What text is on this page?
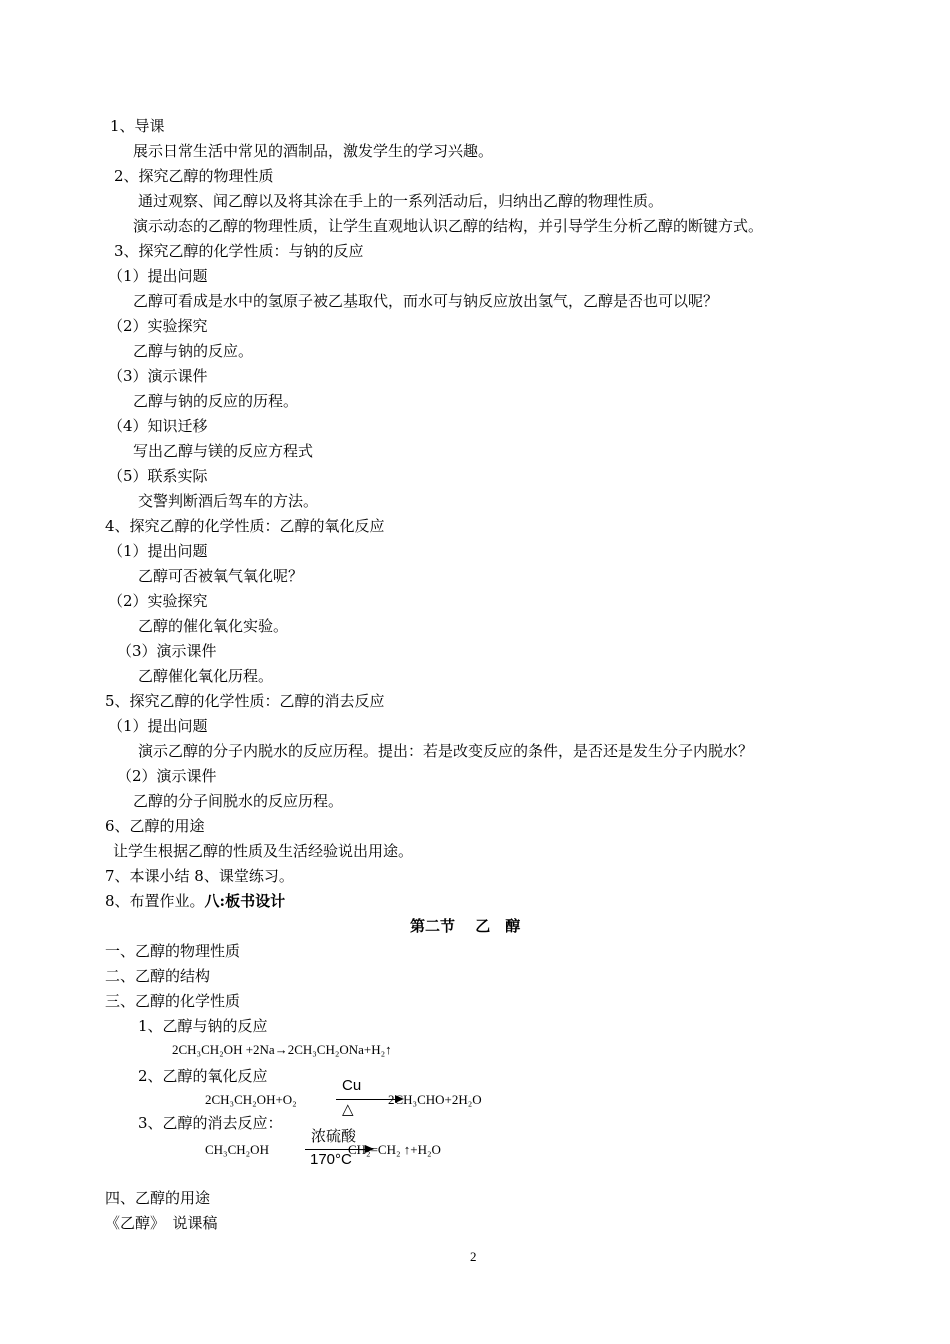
1、导课
展示日常生活中常见的酒制品，激发学生的学习兴趣。
2、探究乙醇的物理性质
通过观察、闻乙醇以及将其涂在手上的一系列活动后，归纳出乙醇的物理性质。
演示动态的乙醇的物理性质，让学生直观地认识乙醇的结构，并引导学生分析乙醇的断键方式。
3、探究乙醇的化学性质：与钠的反应
（1）提出问题
乙醇可看成是水中的氢原子被乙基取代，而水可与钠反应放出氢气，乙醇是否也可以呢？
（2）实验探究
乙醇与钠的反应。
（3）演示课件
乙醇与钠的反应的历程。
（4）知识迁移
写出乙醇与镁的反应方程式
（5）联系实际
交警判断酒后驾车的方法。
4、探究乙醇的化学性质：乙醇的氧化反应
（1）提出问题
乙醇可否被氧气氧化呢？
（2）实验探究
乙醇的催化氧化实验。
（3）演示课件
乙醇催化氧化历程。
5、探究乙醇的化学性质：乙醇的消去反应
（1）提出问题
演示乙醇的分子内脱水的反应历程。提出：若是改变反应的条件，是否还是发生分子内脱水？
（2）演示课件
乙醇的分子间脱水的反应历程。
6、乙醇的用途
让学生根据乙醇的性质及生活经验说出用途。
7、本课小结 8、课堂练习。
8、布置作业。八:板书设计
第二节　 乙　醇
一、乙醇的物理性质
二、乙醇的结构
三、乙醇的化学性质
1、乙醇与钠的反应
2CH₃CH₂OH +2Na→2CH₃CH₂ONa+H₂↑
2、乙醇的氧化反应
2CH₃CH₂OH+O₂
Cu
△
2CH₃CHO+2H₂O
3、乙醇的消去反应：
CH₃CH₂OH
浓硫酸
170°C
CH₂=CH₂ ↑+H₂O
四、乙醇的用途
《乙醇》　说课稿
2
